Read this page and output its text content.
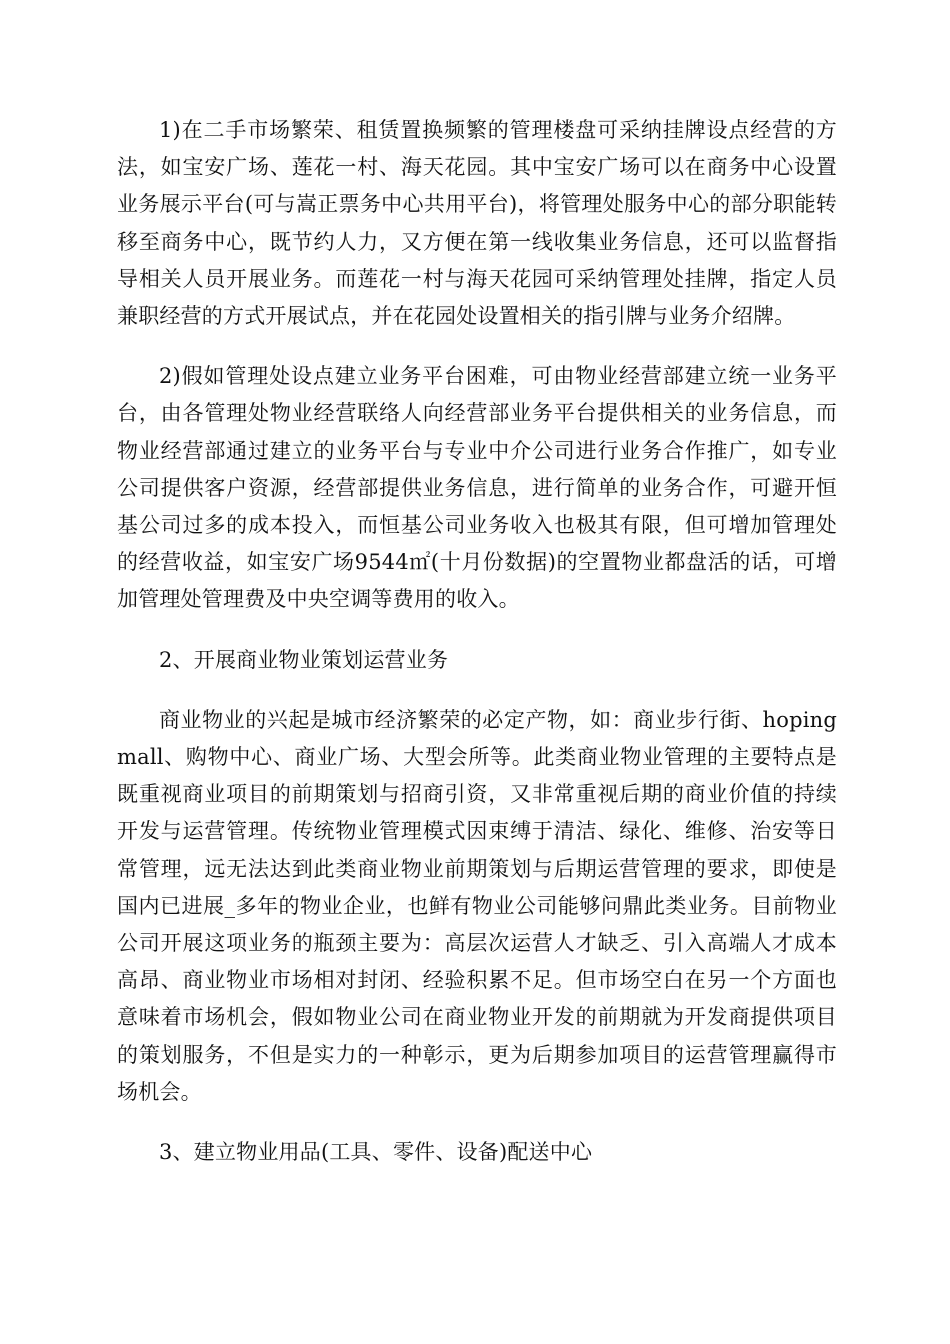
1)在二手市场繁荣、租赁置换频繁的管理楼盘可采纳挂牌设点经营的方法，如宝安广场、莲花一村、海天花园。其中宝安广场可以在商务中心设置业务展示平台(可与嵩正票务中心共用平台)，将管理处服务中心的部分职能转移至商务中心，既节约人力，又方便在第一线收集业务信息，还可以监督指导相关人员开展业务。而莲花一村与海天花园可采纳管理处挂牌，指定人员兼职经营的方式开展试点，并在花园处设置相关的指引牌与业务介绍牌。

2)假如管理处设点建立业务平台困难，可由物业经营部建立统一业务平台，由各管理处物业经营联络人向经营部业务平台提供相关的业务信息，而物业经营部通过建立的业务平台与专业中介公司进行业务合作推广，如专业公司提供客户资源，经营部提供业务信息，进行简单的业务合作，可避开恒基公司过多的成本投入，而恒基公司业务收入也极其有限，但可增加管理处的经营收益，如宝安广场9544㎡(十月份数据)的空置物业都盘活的话，可增加管理处管理费及中央空调等费用的收入。

2、开展商业物业策划运营业务

商业物业的兴起是城市经济繁荣的必定产物，如：商业步行街、hopingmall、购物中心、商业广场、大型会所等。此类商业物业管理的主要特点是既重视商业项目的前期策划与招商引资，又非常重视后期的商业价值的持续开发与运营管理。传统物业管理模式因束缚于清洁、绿化、维修、治安等日常管理，远无法达到此类商业物业前期策划与后期运营管理的要求，即使是国内已进展_多年的物业企业，也鲜有物业公司能够问鼎此类业务。目前物业公司开展这项业务的瓶颈主要为：高层次运营人才缺乏、引入高端人才成本高昂、商业物业市场相对封闭、经验积累不足。但市场空白在另一个方面也意味着市场机会，假如物业公司在商业物业开发的前期就为开发商提供项目的策划服务，不但是实力的一种彰示，更为后期参加项目的运营管理赢得市场机会。

3、建立物业用品(工具、零件、设备)配送中心
